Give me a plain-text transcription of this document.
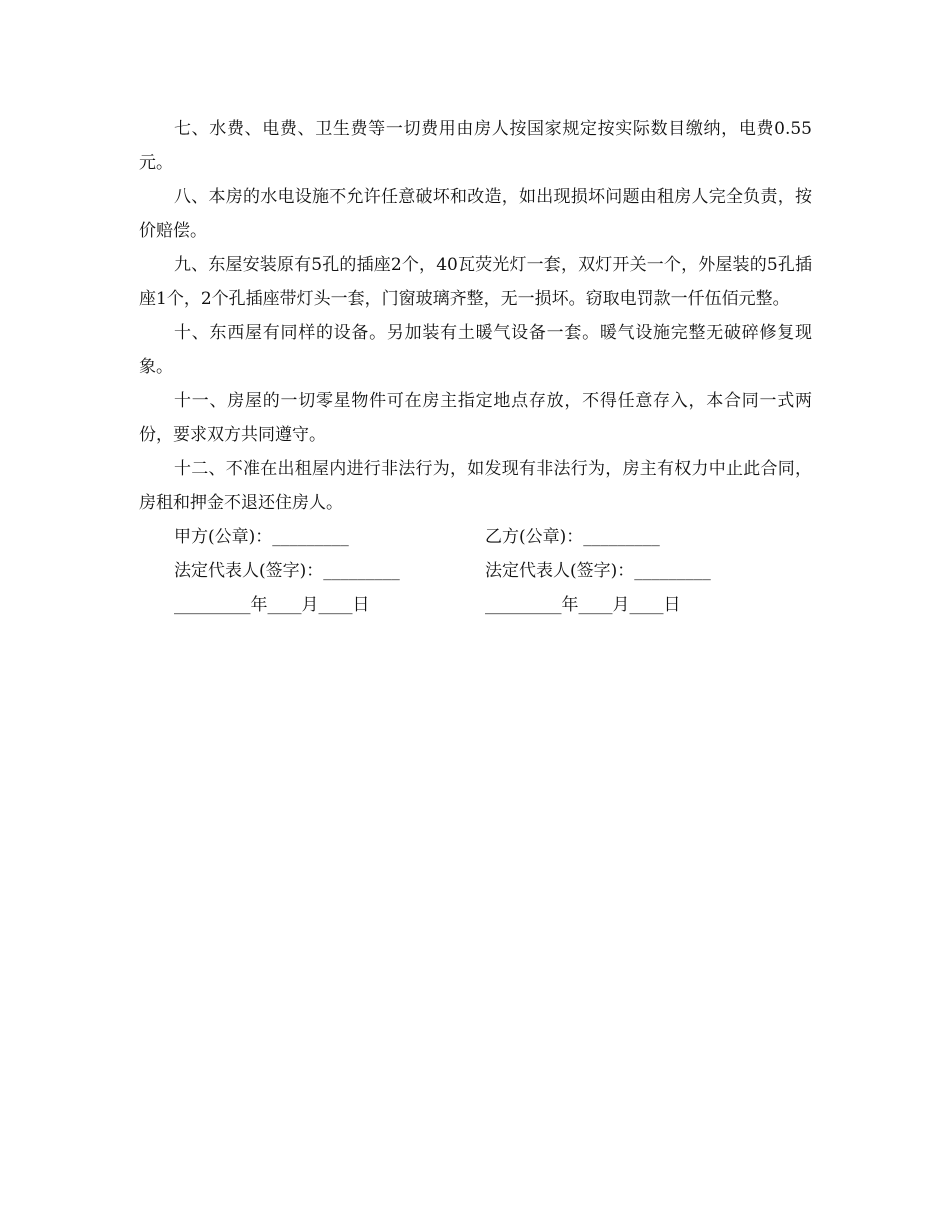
七、水费、电费、卫生费等一切费用由房人按国家规定按实际数目缴纳，电费0.55元。

八、本房的水电设施不允许任意破坏和改造，如出现损坏问题由租房人完全负责，按价赔偿。

九、东屋安装原有5孔的插座2个，40瓦荧光灯一套，双灯开关一个，外屋装的5孔插座1个，2个孔插座带灯头一套，门窗玻璃齐整，无一损坏。窃取电罚款一仟伍佰元整。

十、东西屋有同样的设备。另加装有土暖气设备一套。暖气设施完整无破碎修复现象。

十一、房屋的一切零星物件可在房主指定地点存放，不得任意存入，本合同一式两份，要求双方共同遵守。

十二、不准在出租屋内进行非法行为，如发现有非法行为，房主有权力中止此合同，房租和押金不退还住房人。

甲方(公章)：_________	乙方(公章)：_________
法定代表人(签字)：_________	法定代表人(签字)：_________
_________年____月____日	_________年____月____日
